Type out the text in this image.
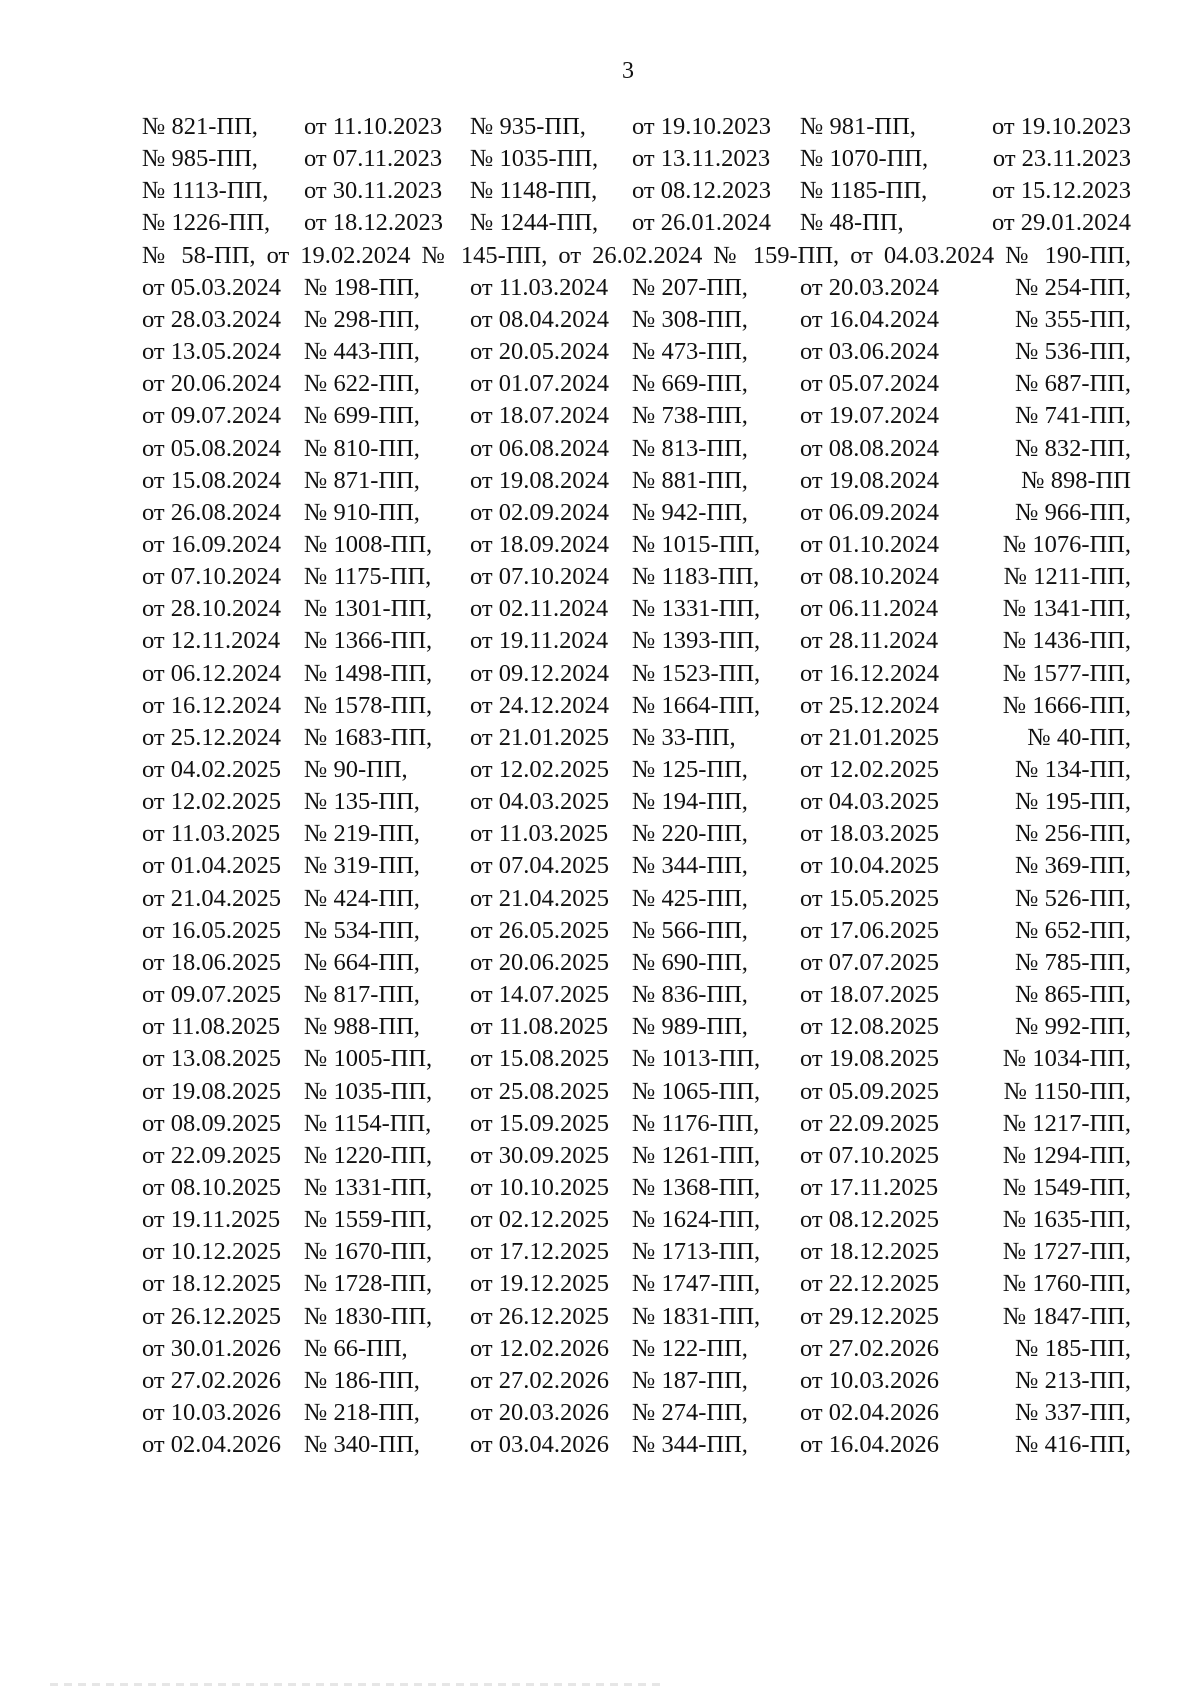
3
№ 821-ПП, от 11.10.2023 № 935-ПП, от 19.10.2023 № 981-ПП,	от 19.10.2023
№ 985-ПП, от 07.11.2023 № 1035-ПП, от 13.11.2023 № 1070-ПП,	от 23.11.2023
№ 1113-ПП, от 30.11.2023 № 1148-ПП, от 08.12.2023 № 1185-ПП,	от 15.12.2023
№ 1226-ПП, от 18.12.2023 № 1244-ПП, от 26.01.2024 № 48-ПП,	от 29.01.2024
№ 58-ПП, от 19.02.2024 № 145-ПП, от 26.02.2024 № 159-ПП, от 04.03.2024 № 190-ПП,
от 05.03.2024 № 198-ПП, от 11.03.2024 № 207-ПП, от 20.03.2024	№ 254-ПП,
от 28.03.2024 № 298-ПП, от 08.04.2024 № 308-ПП, от 16.04.2024	№ 355-ПП,
от 13.05.2024 № 443-ПП, от 20.05.2024 № 473-ПП, от 03.06.2024	№ 536-ПП,
от 20.06.2024 № 622-ПП, от 01.07.2024 № 669-ПП, от 05.07.2024	№ 687-ПП,
от 09.07.2024 № 699-ПП, от 18.07.2024 № 738-ПП, от 19.07.2024	№ 741-ПП,
от 05.08.2024 № 810-ПП, от 06.08.2024 № 813-ПП, от 08.08.2024	№ 832-ПП,
от 15.08.2024 № 871-ПП, от 19.08.2024 № 881-ПП, от 19.08.2024	№ 898-ПП
от 26.08.2024 № 910-ПП, от 02.09.2024 № 942-ПП, от 06.09.2024	№ 966-ПП,
от 16.09.2024 № 1008-ПП, от 18.09.2024 № 1015-ПП, от 01.10.2024	№ 1076-ПП,
от 07.10.2024 № 1175-ПП, от 07.10.2024 № 1183-ПП, от 08.10.2024	№ 1211-ПП,
от 28.10.2024 № 1301-ПП, от 02.11.2024 № 1331-ПП, от 06.11.2024	№ 1341-ПП,
от 12.11.2024 № 1366-ПП, от 19.11.2024 № 1393-ПП, от 28.11.2024	№ 1436-ПП,
от 06.12.2024 № 1498-ПП, от 09.12.2024 № 1523-ПП, от 16.12.2024	№ 1577-ПП,
от 16.12.2024 № 1578-ПП, от 24.12.2024 № 1664-ПП, от 25.12.2024	№ 1666-ПП,
от 25.12.2024 № 1683-ПП, от 21.01.2025 № 33-ПП,	от 21.01.2025	№ 40-ПП,
от 04.02.2025 № 90-ПП,	от 12.02.2025 № 125-ПП, от 12.02.2025	№ 134-ПП,
от 12.02.2025 № 135-ПП, от 04.03.2025 № 194-ПП, от 04.03.2025	№ 195-ПП,
от 11.03.2025 № 219-ПП, от 11.03.2025 № 220-ПП, от 18.03.2025	№ 256-ПП,
от 01.04.2025 № 319-ПП, от 07.04.2025 № 344-ПП, от 10.04.2025	№ 369-ПП,
от 21.04.2025 № 424-ПП, от 21.04.2025 № 425-ПП, от 15.05.2025	№ 526-ПП,
от 16.05.2025 № 534-ПП, от 26.05.2025 № 566-ПП, от 17.06.2025	№ 652-ПП,
от 18.06.2025 № 664-ПП, от 20.06.2025 № 690-ПП, от 07.07.2025	№ 785-ПП,
от 09.07.2025 № 817-ПП, от 14.07.2025 № 836-ПП, от 18.07.2025	№ 865-ПП,
от 11.08.2025 № 988-ПП, от 11.08.2025 № 989-ПП, от 12.08.2025	№ 992-ПП,
от 13.08.2025 № 1005-ПП, от 15.08.2025 № 1013-ПП, от 19.08.2025	№ 1034-ПП,
от 19.08.2025 № 1035-ПП, от 25.08.2025 № 1065-ПП, от 05.09.2025	№ 1150-ПП,
от 08.09.2025 № 1154-ПП, от 15.09.2025 № 1176-ПП, от 22.09.2025	№ 1217-ПП,
от 22.09.2025 № 1220-ПП, от 30.09.2025 № 1261-ПП, от 07.10.2025	№ 1294-ПП,
от 08.10.2025 № 1331-ПП, от 10.10.2025 № 1368-ПП, от 17.11.2025	№ 1549-ПП,
от 19.11.2025 № 1559-ПП, от 02.12.2025 № 1624-ПП, от 08.12.2025	№ 1635-ПП,
от 10.12.2025 № 1670-ПП, от 17.12.2025 № 1713-ПП, от 18.12.2025	№ 1727-ПП,
от 18.12.2025 № 1728-ПП, от 19.12.2025 № 1747-ПП, от 22.12.2025	№ 1760-ПП,
от 26.12.2025 № 1830-ПП, от 26.12.2025 № 1831-ПП, от 29.12.2025	№ 1847-ПП,
от 30.01.2026 № 66-ПП,	от 12.02.2026 № 122-ПП, от 27.02.2026	№ 185-ПП,
от 27.02.2026 № 186-ПП, от 27.02.2026 № 187-ПП, от 10.03.2026	№ 213-ПП,
от 10.03.2026 № 218-ПП, от 20.03.2026 № 274-ПП, от 02.04.2026	№ 337-ПП,
от 02.04.2026 № 340-ПП, от 03.04.2026 № 344-ПП, от 16.04.2026	№ 416-ПП,
